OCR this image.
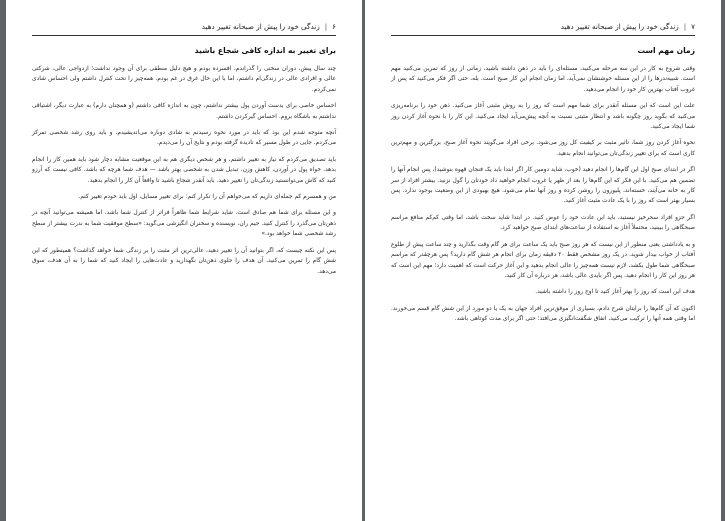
۶
|
زندگی خود را پیش از صبحانه تغییر دهید
برای تغییر به اندازه کافی شجاع باشید

چند سال پیش، دوران سختی را گذراندم، افسرده بودم و هیچ دلیل منطقی برای آن وجود نداشت؛ ازدواجی عالی، شرکتی عالی و افرادی عالی در زندگی‌ام داشتم، اما با این حال غرق در غم بودم. همه‌چیز را تحت کنترل داشتم ولی احساس شادی نمی‌کردم.

احساس خاصی برای بدست آوردن پول بیشتر نداشتم، چون به اندازه کافی داشتم (و همچنان دارم) به عبارت دیگر، اشتیاقی نداشتم به باشگاه بروم. احساس گیرکردن داشتم.

آنچه متوجه شدم این بود که باید در مورد نحوه رسیدنم به شادی دوباره می‌اندیشیدم، و باید روی رشد شخصی تمرکز می‌کردم. جایی در طول مسیر که نادیده گرفته بودم و نتایج آن را می‌دیدم.

باید تصدیق می‌کردم که نیاز به تغییر داشتم، و هر شخص دیگری هم به این موقعیت مشابه دچار شود باید همین کار را انجام بدهد. خواه پول در آوردن، کاهش وزن، تبدیل شدن به شخصی بهتر باشد — هدف شما هرچه که باشد، کافی نیست که آرزو کنید که کاش می‌توانستید زندگی‌تان را تغییر دهید. باید آنقدر شجاع باشید تا واقعاً آن کار را انجام بدهید.

من و همسرم کم جمله‌ای داریم که می‌خواهم آن را تکرار کنم: برای تغییر مسایل، اول باید خودم تغییر کنم.

و این مسئله برای شما هم صادق است. شاید شرایط شما ظاهراً فراتر از کنترل شما باشد، اما همیشه می‌توانید آنچه در ذهن‌تان می‌گذرد را کنترل کنید. جیم ران، نویسنده و سخنران انگیزشی می‌گوید: «سطح موفقیت شما به ندرت بیشتر از سطح رشد شخصی شما خواهد بود.»

پس این نکته چیست که، اگر بتوانید آن را تغییر دهید، عالی‌ترین اثر مثبت را بر زندگی شما خواهد گذاشت؟ همینطور که این شش گام را تمرین می‌کنید، آن هدف را جلوی ذهن‌تان نگهدارید و عادت‌هایی را ایجاد کنید که شما را به آن هدف، سوق می‌دهد.

۷
|
زندگی خود را پیش از صبحانه تغییر دهید
زمان مهم است

وقتی شروع به کار در این سه مرحله می‌کنید، مسئله‌ای را باید در ذهن داشته باشید، زمانی از روز که تمرین می‌کنید مهم است. شبیه‌ندرها را از این مسئله خوشنشان نمی‌آید، اما زمان انجام این کار صبح است. بله، حتی اگر فکر می‌کنید که پس از غروب آفتاب بهترین کار خود را انجام می‌دهید.

علت این است که این مسئله آنقدر برای شما مهم است که روز را به روش مثبتی آغاز می‌کنید. ذهن خود را برنامه‌ریزی می‌کنید که بگوید روز چگونه باشد و انتظار مثبتی نسبت به آنچه پیش‌می‌آید ایجاد می‌کنید. این کار را با نحوه آغاز کردن روز شما ایجاد می‌کنید.

نحوه آغاز کردن روز شما، تاثیر مثبت بر کیفیت کل روز می‌شود. برخی افراد می‌گویند نحوه آغاز صبح، بزرگترین و مهم‌ترین کاری است که برای تغییر زندگی‌تان می‌توانید انجام بدهید.

اگر در ابتدای صبح اول این گام‌ها را انجام دهید (خوب، شاید دومین کار اگر ابتدا باید یک فنجان قهوه بنوشید)، پس انجام آنها را تضمین هم می‌کنید. با این فکر که این گام‌ها را بعد از ظهر یا غروب انجام خواهید داد خودتان را گول نزنید. بیشتر افراد از سر کار به خانه می‌آیند، خسته‌اند، پلیورون را روشن کرده و روز آنها تمام می‌شود. هیچ بهبودی از این وضعیت بوجود ندارد. پس بسیار بهتر است که روز را با یک عادت مثبت آغاز کنید.

اگر جزو افراد سحرخیز نیستید، باید این عادت خود را عوض کنید. در ابتدا شاید سخت باشد، اما وقتی کم‌کم منافع مراسم صبحگاهی را ببینید، محتملاً آغاز به استفاده از ساعت‌های ابتدای صبح خواهید کرد.

و به یادداشتی یعنی منظور از این نیست که هر روز صبح باید یک ساعت برای هر گام وقت بگذارید و چند ساعت پیش از طلوع آفتاب از خواب بیدار شوید. در یک روز مشخص فقط ۲۰ دقیقه زمان برای انجام هر شش گام دارید؟ پس هرچقدر که مراسم صبحگاهی شما طول بکشد، لازم نیست همه‌چیز را عالی انجام بدهید و این آغاز حرکت است که اهمیت دارد؛ مهم این است که هر روز این کار را انجام دهید. پس اگر بایدی عالی باشد، هر درباره آن کار کنید.

هدف این است که روز را بهتر آغاز کنید تا اوج روز را داشته باشید.

اکنون که آن گام‌ها را برایتان شرح دادم، بسیاری از موفق‌ترین افراد جهان به یک یا دو مورد از این شش گام قسم می‌خورند. اما وقتی همه آنها را ترکیب می‌کنید، اتفاق شگفت‌انگیزی می‌افتد؛ حتی اگر برای مدت کوتاهی باشد.
